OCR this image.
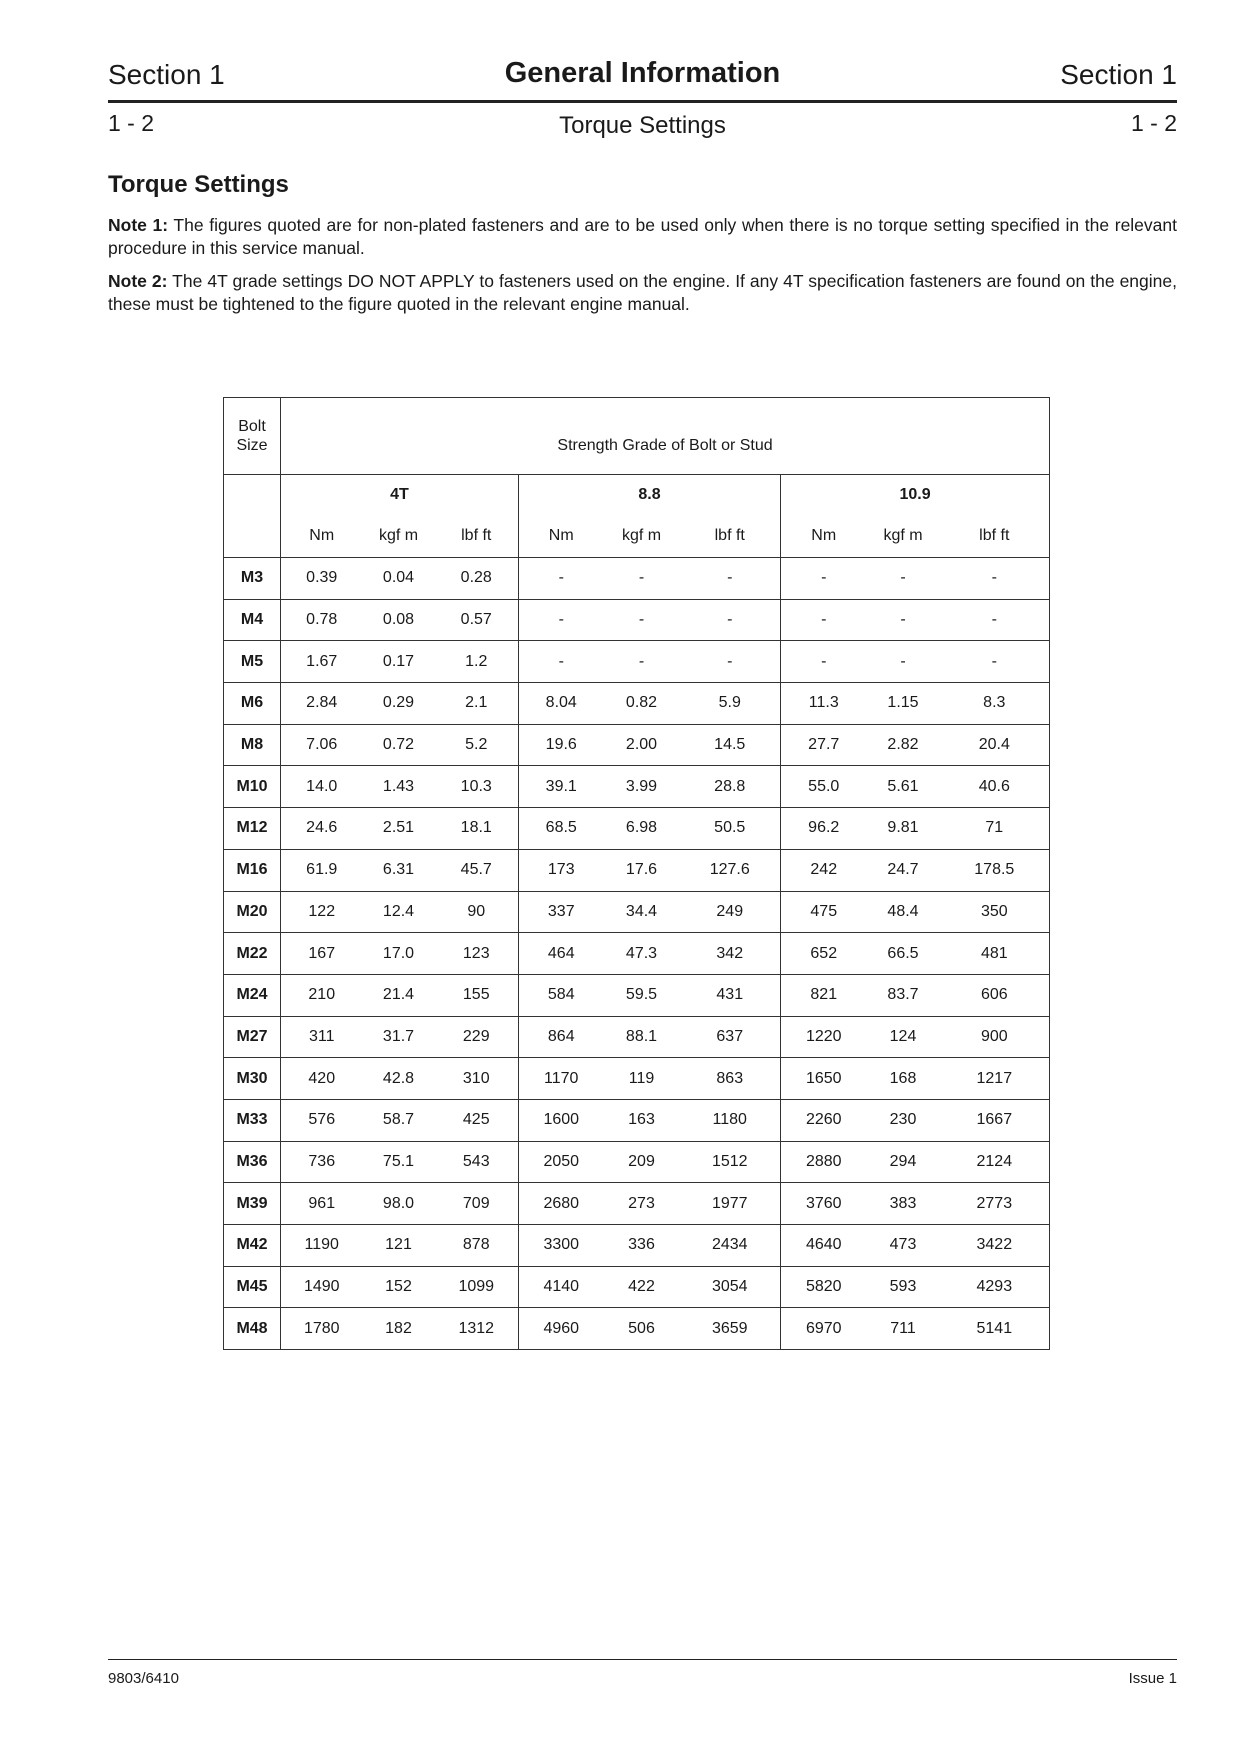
Section 1	General Information	Section 1
1 - 2	Torque Settings	1 - 2
Torque Settings

Note 1: The figures quoted are for non-plated fasteners and are to be used only when there is no torque setting specified in the relevant procedure in this service manual.

Note 2: The 4T grade settings DO NOT APPLY to fasteners used on the engine. If any 4T specification fasteners are found on the engine, these must be tightened to the figure quoted in the relevant engine manual.

Bolt
Size	Strength Grade of Bolt or Stud								
	4T			8.8			10.9		
	Nm	kgf m	lbf ft	Nm	kgf m	lbf ft	Nm	kgf m	lbf ft
M3	0.39	0.04	0.28	-	-	-	-	-	-
M4	0.78	0.08	0.57	-	-	-	-	-	-
M5	1.67	0.17	1.2	-	-	-	-	-	-
M6	2.84	0.29	2.1	8.04	0.82	5.9	11.3	1.15	8.3
M8	7.06	0.72	5.2	19.6	2.00	14.5	27.7	2.82	20.4
M10	14.0	1.43	10.3	39.1	3.99	28.8	55.0	5.61	40.6
M12	24.6	2.51	18.1	68.5	6.98	50.5	96.2	9.81	71
M16	61.9	6.31	45.7	173	17.6	127.6	242	24.7	178.5
M20	122	12.4	90	337	34.4	249	475	48.4	350
M22	167	17.0	123	464	47.3	342	652	66.5	481
M24	210	21.4	155	584	59.5	431	821	83.7	606
M27	311	31.7	229	864	88.1	637	1220	124	900
M30	420	42.8	310	1170	119	863	1650	168	1217
M33	576	58.7	425	1600	163	1180	2260	230	1667
M36	736	75.1	543	2050	209	1512	2880	294	2124
M39	961	98.0	709	2680	273	1977	3760	383	2773
M42	1190	121	878	3300	336	2434	4640	473	3422
M45	1490	152	1099	4140	422	3054	5820	593	4293
M48	1780	182	1312	4960	506	3659	6970	711	5141
9803/6410	Issue 1
